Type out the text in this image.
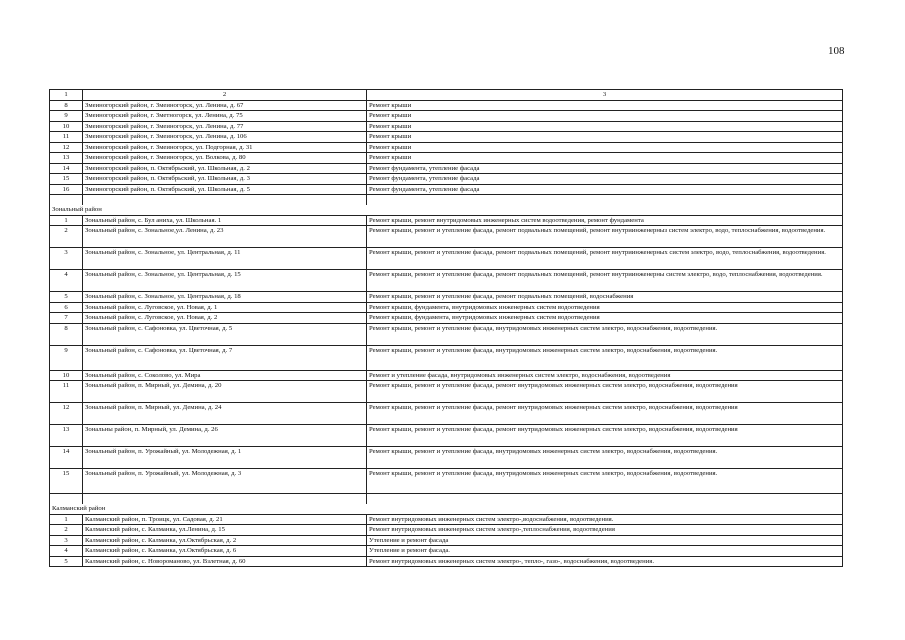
108
1	2	3
8	Змеиногорский район, г. Змеиногорск, ул. Ленина, д. 67	Ремонт крыши
9	Змеиногорский район, г. Зметногорск, ул. Ленина, д. 75	Ремонт крыши
10	Змеиногорский район, г. Змеиногорск, ул. Ленина, д. 77	Ремонт крыши
11	Змеиногорский район, г. Змеиногорск, ул. Ленина, д. 106	Ремонт крыши
12	Змеиногорский район, г. Змеиногорск, ул. Подгорная, д. 31	Ремонт крыши
13	Змеиногорский район, г. Змеиногорск, ул. Волкова, д. 80	Ремонт крыши
14	Змеиногорский район, п. Октябрьский, ул. Школьная, д. 2	Ремонт фундамента, утепление фасада
15	Змеиногорский район, п. Октябрьский, ул. Школьная, д. 3	Ремонт фундамента, утепление фасада
16	Змеиногорский район, п. Октябрьский, ул. Школьная, д. 5	Ремонт фундамента, утепление фасада

Зональный район		
1	Зональный район, с. Бул аниха, ул. Школьная. 1	Ремонт крыши, ремонт внутридомовых инженерных систем водоотведения, ремонт фундамента
2	Зональный район, с. Зональное,ул. Ленина, д. 23	Ремонт крыши, ремонт и утепление фасада, ремонт подвальных помещений, ремонт внутриинженерныз систем электро, водо, теплоснабжения, водоотведения.
3	Зональный район, с. Зональное, ул. Центральная, д. 11	Ремонт крыши, ремонт и утепление фасада, ремонт подвальных помещений, ремонт внутриинженерных систем электро, водо, теплоснабжения, водоотведения.
4	Зональный район, с. Зональное, ул. Центральная, д. 15	Ремонт крыши, ремонт и утепление фасада, ремонт подвальных помещений, ремонт внутриинженерны систем электро, водо, теплоснабжения, водоотведения.
5	Зональный район, с. Зональное, ул. Центральная, д. 18	Ремонт крыши, ремонт и утепление фасада, ремонт подвальных помещений, водоснабжения
6	Зональный район, с. Луговское, ул. Новая, д. 1	Ремонт крыши, фундамента, внутридомовых инженерных систем водоотведения
7	Зональный район, с. Луговское, ул. Новая, д. 2	Ремонт крыши, фундамента, внутридомовых инженерных систем водоотведения
8	Зональный район, с. Сафоновка, ул. Цветочная, д. 5	Ремонт крыши, ремонт и утепление фасада, внутридомовых инженерных систем электро, водоснабжения, водоотведения.
9	Зональный район, с. Сафоновка, ул. Цветочная, д. 7	Ремонт крыши, ремонт и утепление фасада, внутридомовых инженерных систем электро, водоснабжения, водоотведения.
10	Зональный район, с. Соколово, ул. Мира	Ремонт и утепление фасада, внутридомовых инженерных систем электро, водоснабжения, водоотведения
11	Зональный район, п. Мирный, ул. Демина, д. 20	Ремонт крыши, ремонт и утепление фасада, ремонт внутридомовых инженерных систем электро, водоснабжения, водоотведения
12	Зональный район, п. Мирный, ул. Демина, д. 24	Ремонт крыши, ремонт и утепление фасада, ремонт внутридомовых инженерных систем электро, водоснабжения, водоотведения
13	Зональны район, п. Мирный, ул. Демина, д. 26	Ремонт крыши, ремонт и утепление фасада, ремонт внутридомовых инженерных систем электро, водоснабжения, водоотведения
14	Зональный район, п. Урожайный, ул. Молодежная, д. 1	Ремонт крыши, ремонт и утепление фасада, внутридомовых инженерных систем электро, водоснабжения, водоотведения.
15	Зональный район, п. Урожайный, ул. Молодежная, д. 3	Ремонт крыши, ремонт и утепление фасада, внутридомовых инженерных систем электро, водоснабжения, водоотведения.

Калманский район		
1	Калманский район, п. Троицк, ул. Садовая, д. 21	Ремонт внутридомовых инженерных систем электро-,водоснабжения, водоотведения.
2	Калманский район, с. Калманка, ул.Ленина, д. 15	Ремонт внутридомовых инженерных систем электро-,теплоснабжения, водоотведения
3	Калманский район, с. Калманка, ул.Октябрьская, д. 2	Утепление и ремонт фасада
4	Калманский район, с. Калманка, ул.Октябрьская, д. 6	Утепление и ремонт фасада.
5	Калманский район, с. Новороманово, ул. Взлетная, д. 60	Ремонт внутридомовых инженерных систем электро-, тепло-, газо-, водоснабжения, водоотведения.
